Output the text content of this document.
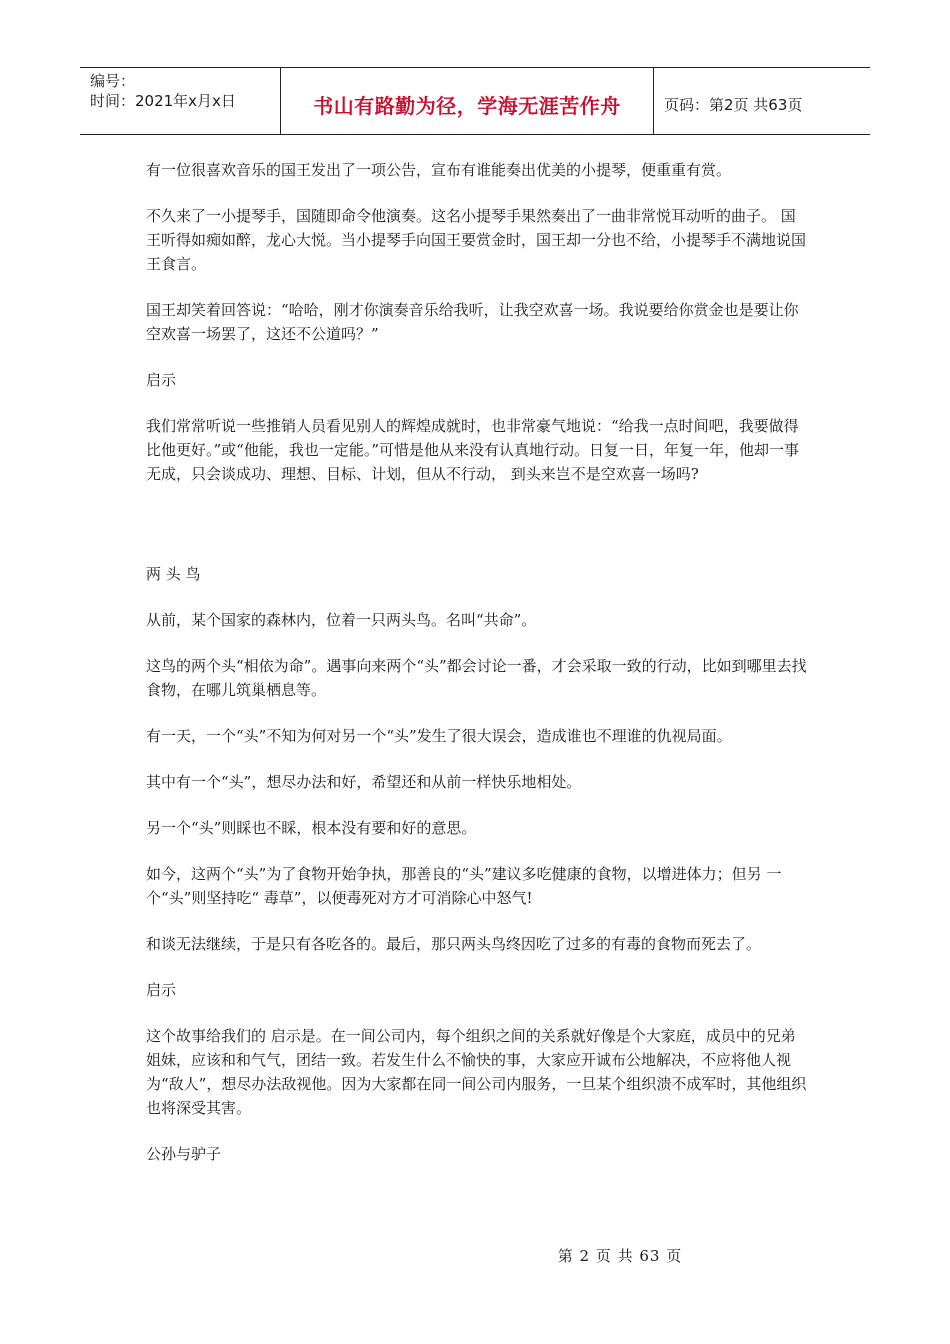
编号：
时间：2021年x月x日	书山有路勤为径，学海无涯苦作舟	页码：第2页 共63页

有一位很喜欢音乐的国王发出了一项公告，宣布有谁能奏出优美的小提琴，便重重有赏。

不久来了一小提琴手，国随即命令他演奏。这名小提琴手果然奏出了一曲非常悦耳动听的曲子。 国王听得如痴如醉，龙心大悦。当小提琴手向国王要赏金时，国王却一分也不给，小提琴手不满地说国王食言。

国王却笑着回答说：“哈哈，刚才你演奏音乐给我听，让我空欢喜一场。我说要给你赏金也是要让你空欢喜一场罢了，这还不公道吗？”

启示

我们常常听说一些推销人员看见别人的辉煌成就时，也非常豪气地说：“给我一点时间吧，我要做得 比他更好。”或“他能，我也一定能。”可惜是他从来没有认真地行动。日复一日，年复一年，他却一事无成，只会谈成功、理想、目标、计划，但从不行动， 到头来岂不是空欢喜一场吗?

两 头 鸟

从前，某个国家的森林内，位着一只两头鸟。名叫“共命”。

这鸟的两个头“相依为命”。遇事向来两个“头”都会讨论一番，才会采取一致的行动，比如到哪里去找食物，在哪儿筑巢栖息等。

有一天，一个“头”不知为何对另一个“头”发生了很大误会，造成谁也不理谁的仇视局面。

其中有一个“头”，想尽办法和好，希望还和从前一样快乐地相处。

另一个“头”则睬也不睬，根本没有要和好的意思。

如今，这两个“头”为了食物开始争执，那善良的“头”建议多吃健康的食物，以增进体力；但另 一个“头”则坚持吃“ 毒草”，以便毒死对方才可消除心中怒气!

和谈无法继续，于是只有各吃各的。最后，那只两头鸟终因吃了过多的有毒的食物而死去了。

启示

这个故事给我们的 启示是。在一间公司内，每个组织之间的关系就好像是个大家庭，成员中的兄弟姐妹，应该和和气气，团结一致。若发生什么不愉快的事，大家应开诚布公地解决，不应将他人视为“敌人”，想尽办法敌视他。因为大家都在同一间公司内服务，一旦某个组织溃不成军时，其他组织也将深受其害。

公孙与驴子

第 2 页 共 63 页
